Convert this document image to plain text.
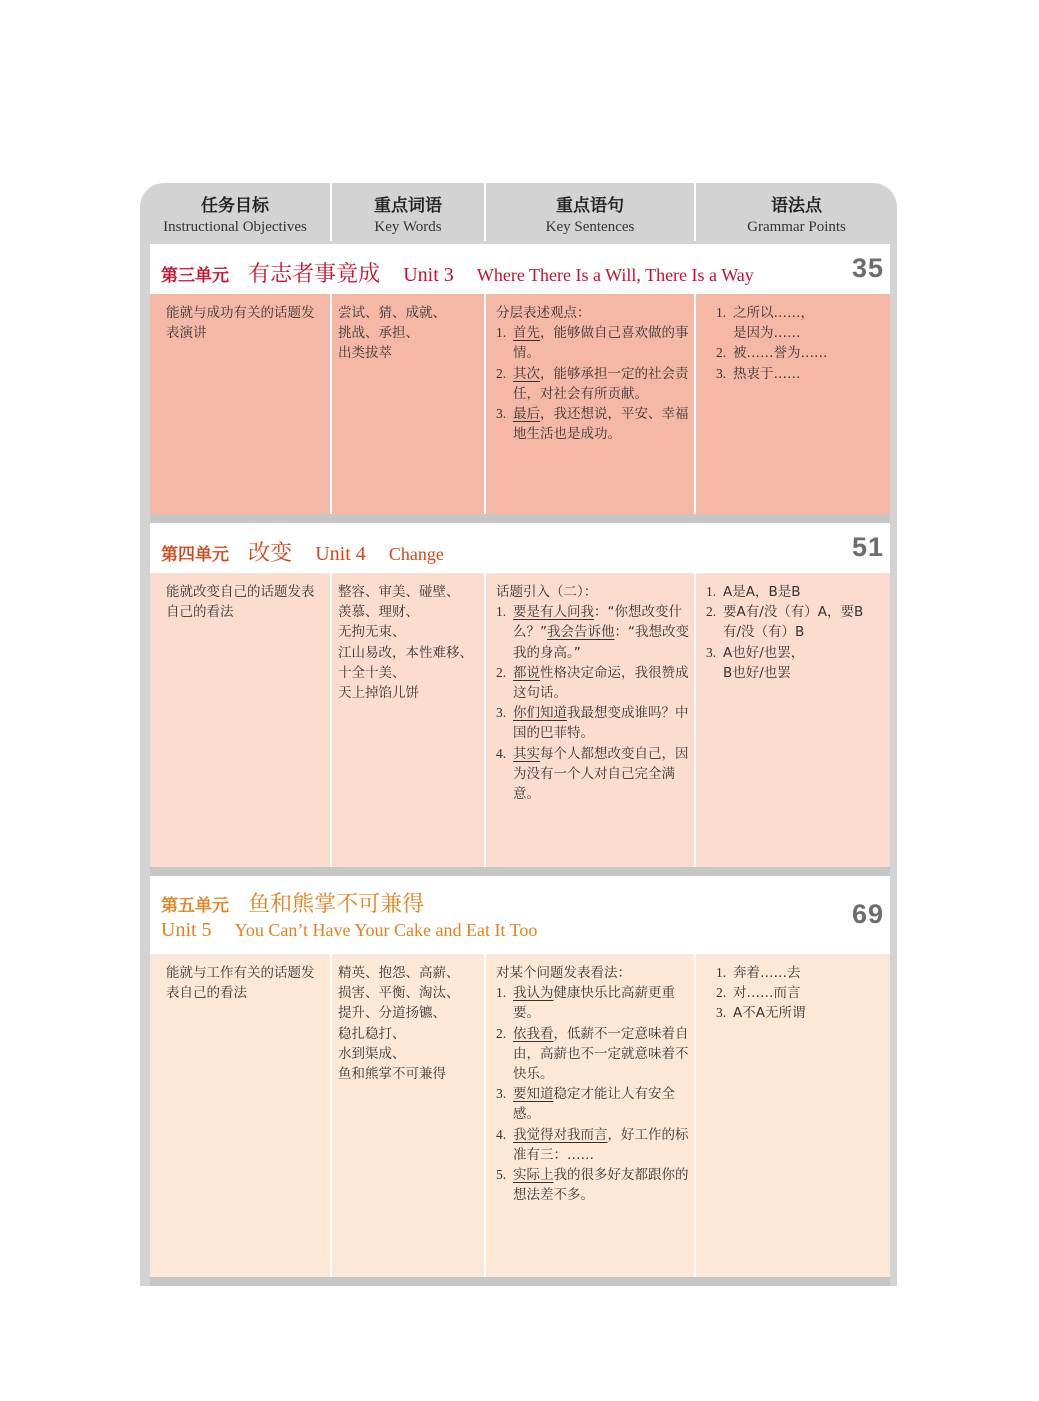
任务目标
Instructional Objectives
重点词语
Key Words
重点语句
Key Sentences
语法点
Grammar Points
第三单元 有志者事竟成 Unit 3 Where There Is a Will, There Is a Way	35
能就与成功有关的话题发表演讲
尝试、猜、成就、
挑战、承担、
出类拔萃
分层表述观点：
1. 首先，能够做自己喜欢做的事情。
2. 其次，能够承担一定的社会责任，对社会有所贡献。
3. 最后，我还想说，平安、幸福地生活也是成功。
1. 之所以……，
是因为……
2. 被……誉为……
3. 热衷于……
第四单元 改变 Unit 4 Change	51
能就改变自己的话题发表自己的看法
整容、审美、碰壁、
羡慕、理财、
无拘无束、
江山易改，本性难移、
十全十美、
天上掉馅儿饼
话题引入（二）：
1. 要是有人问我：“你想改变什么？”我会告诉他：“我想改变我的身高。”
2. 都说性格决定命运，我很赞成这句话。
3. 你们知道我最想变成谁吗？中国的巴菲特。
4. 其实每个人都想改变自己，因为没有一个人对自己完全满意。
1. A是A，B是B
2. 要A有/没（有）A，要B
有/没（有）B
3. A也好/也罢，
B也好/也罢
第五单元 鱼和熊掌不可兼得
Unit 5 You Can’t Have Your Cake and Eat It Too
69
能就与工作有关的话题发表自己的看法
精英、抱怨、高薪、
损害、平衡、淘汰、
提升、分道扬镳、
稳扎稳打、
水到渠成、
鱼和熊掌不可兼得
对某个问题发表看法：
1. 我认为健康快乐比高薪更重要。
2. 依我看，低薪不一定意味着自由，高薪也不一定就意味着不快乐。
3. 要知道稳定才能让人有安全感。
4. 我觉得对我而言，好工作的标准有三：……
5. 实际上我的很多好友都跟你的想法差不多。
1. 奔着……去
2. 对……而言
3. A不A无所谓
